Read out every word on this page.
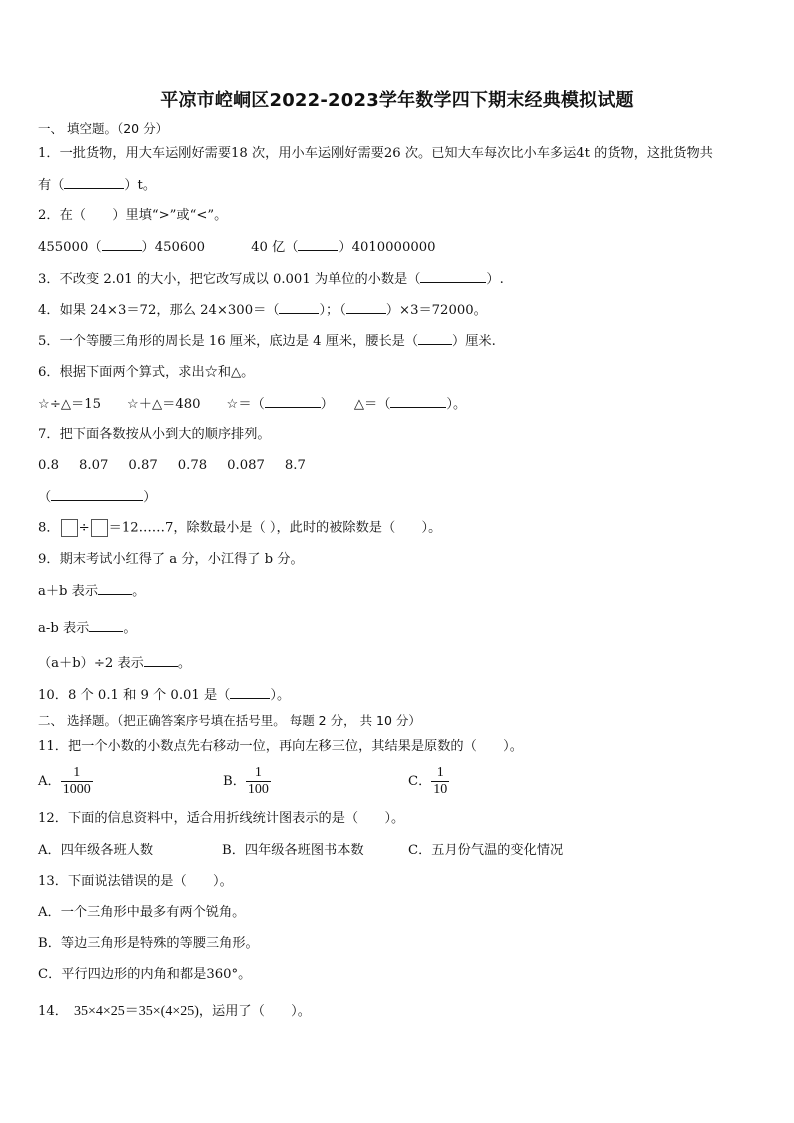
平凉市崆峒区2022-2023学年数学四下期末经典模拟试题
一、 填空题。（20 分）
1．一批货物，用大车运刚好需要18 次，用小车运刚好需要26 次。已知大车每次比小车多运4t 的货物，这批货物共
有（	）t。
2．在（　　）里填“>”或“<”。
455000（	）450600	40 亿（	）4010000000
3．不改变 2.01 的大小，把它改写成以 0.001 为单位的小数是（	）.
4．如果 24×3＝72，那么 24×300＝（	）；（	）×3＝72000。
5．一个等腰三角形的周长是 16 厘米，底边是 4 厘米，腰长是（	）厘米.
6．根据下面两个算式，求出☆和△。
☆÷△＝15 ☆＋△＝480 ☆＝（	） △＝（	）。
7．把下面各数按从小到大的顺序排列。
0.8 8.07 0.87 0.78 0.087 8.7
（	）
8． ÷ ＝12……7，除数最小是（ ），此时的被除数是（　　）。
9．期末考试小红得了 a 分，小江得了 b 分。
a＋b 表示	。
a-b 表示	。
（a＋b）÷2 表示	。
10．8 个 0.1 和 9 个 0.01 是（	）。
二、 选择题。（把正确答案序号填在括号里。 每题 2 分， 共 10 分）
11．把一个小数的小数点先右移动一位，再向左移三位，其结果是原数的（　　）。
A． $\frac{1}{1000}$	B． $\frac{1}{100}$	C． $\frac{1}{10}$
12．下面的信息资料中，适合用折线统计图表示的是（　　）。
A．四年级各班人数	B．四年级各班图书本数	C．五月份气温的变化情况
13．下面说法错误的是（　　）。
A．一个三角形中最多有两个锐角。
B．等边三角形是特殊的等腰三角形。
C．平行四边形的内角和都是360°。
14． 35×4×25＝35×(4×25)，运用了（　　）。
